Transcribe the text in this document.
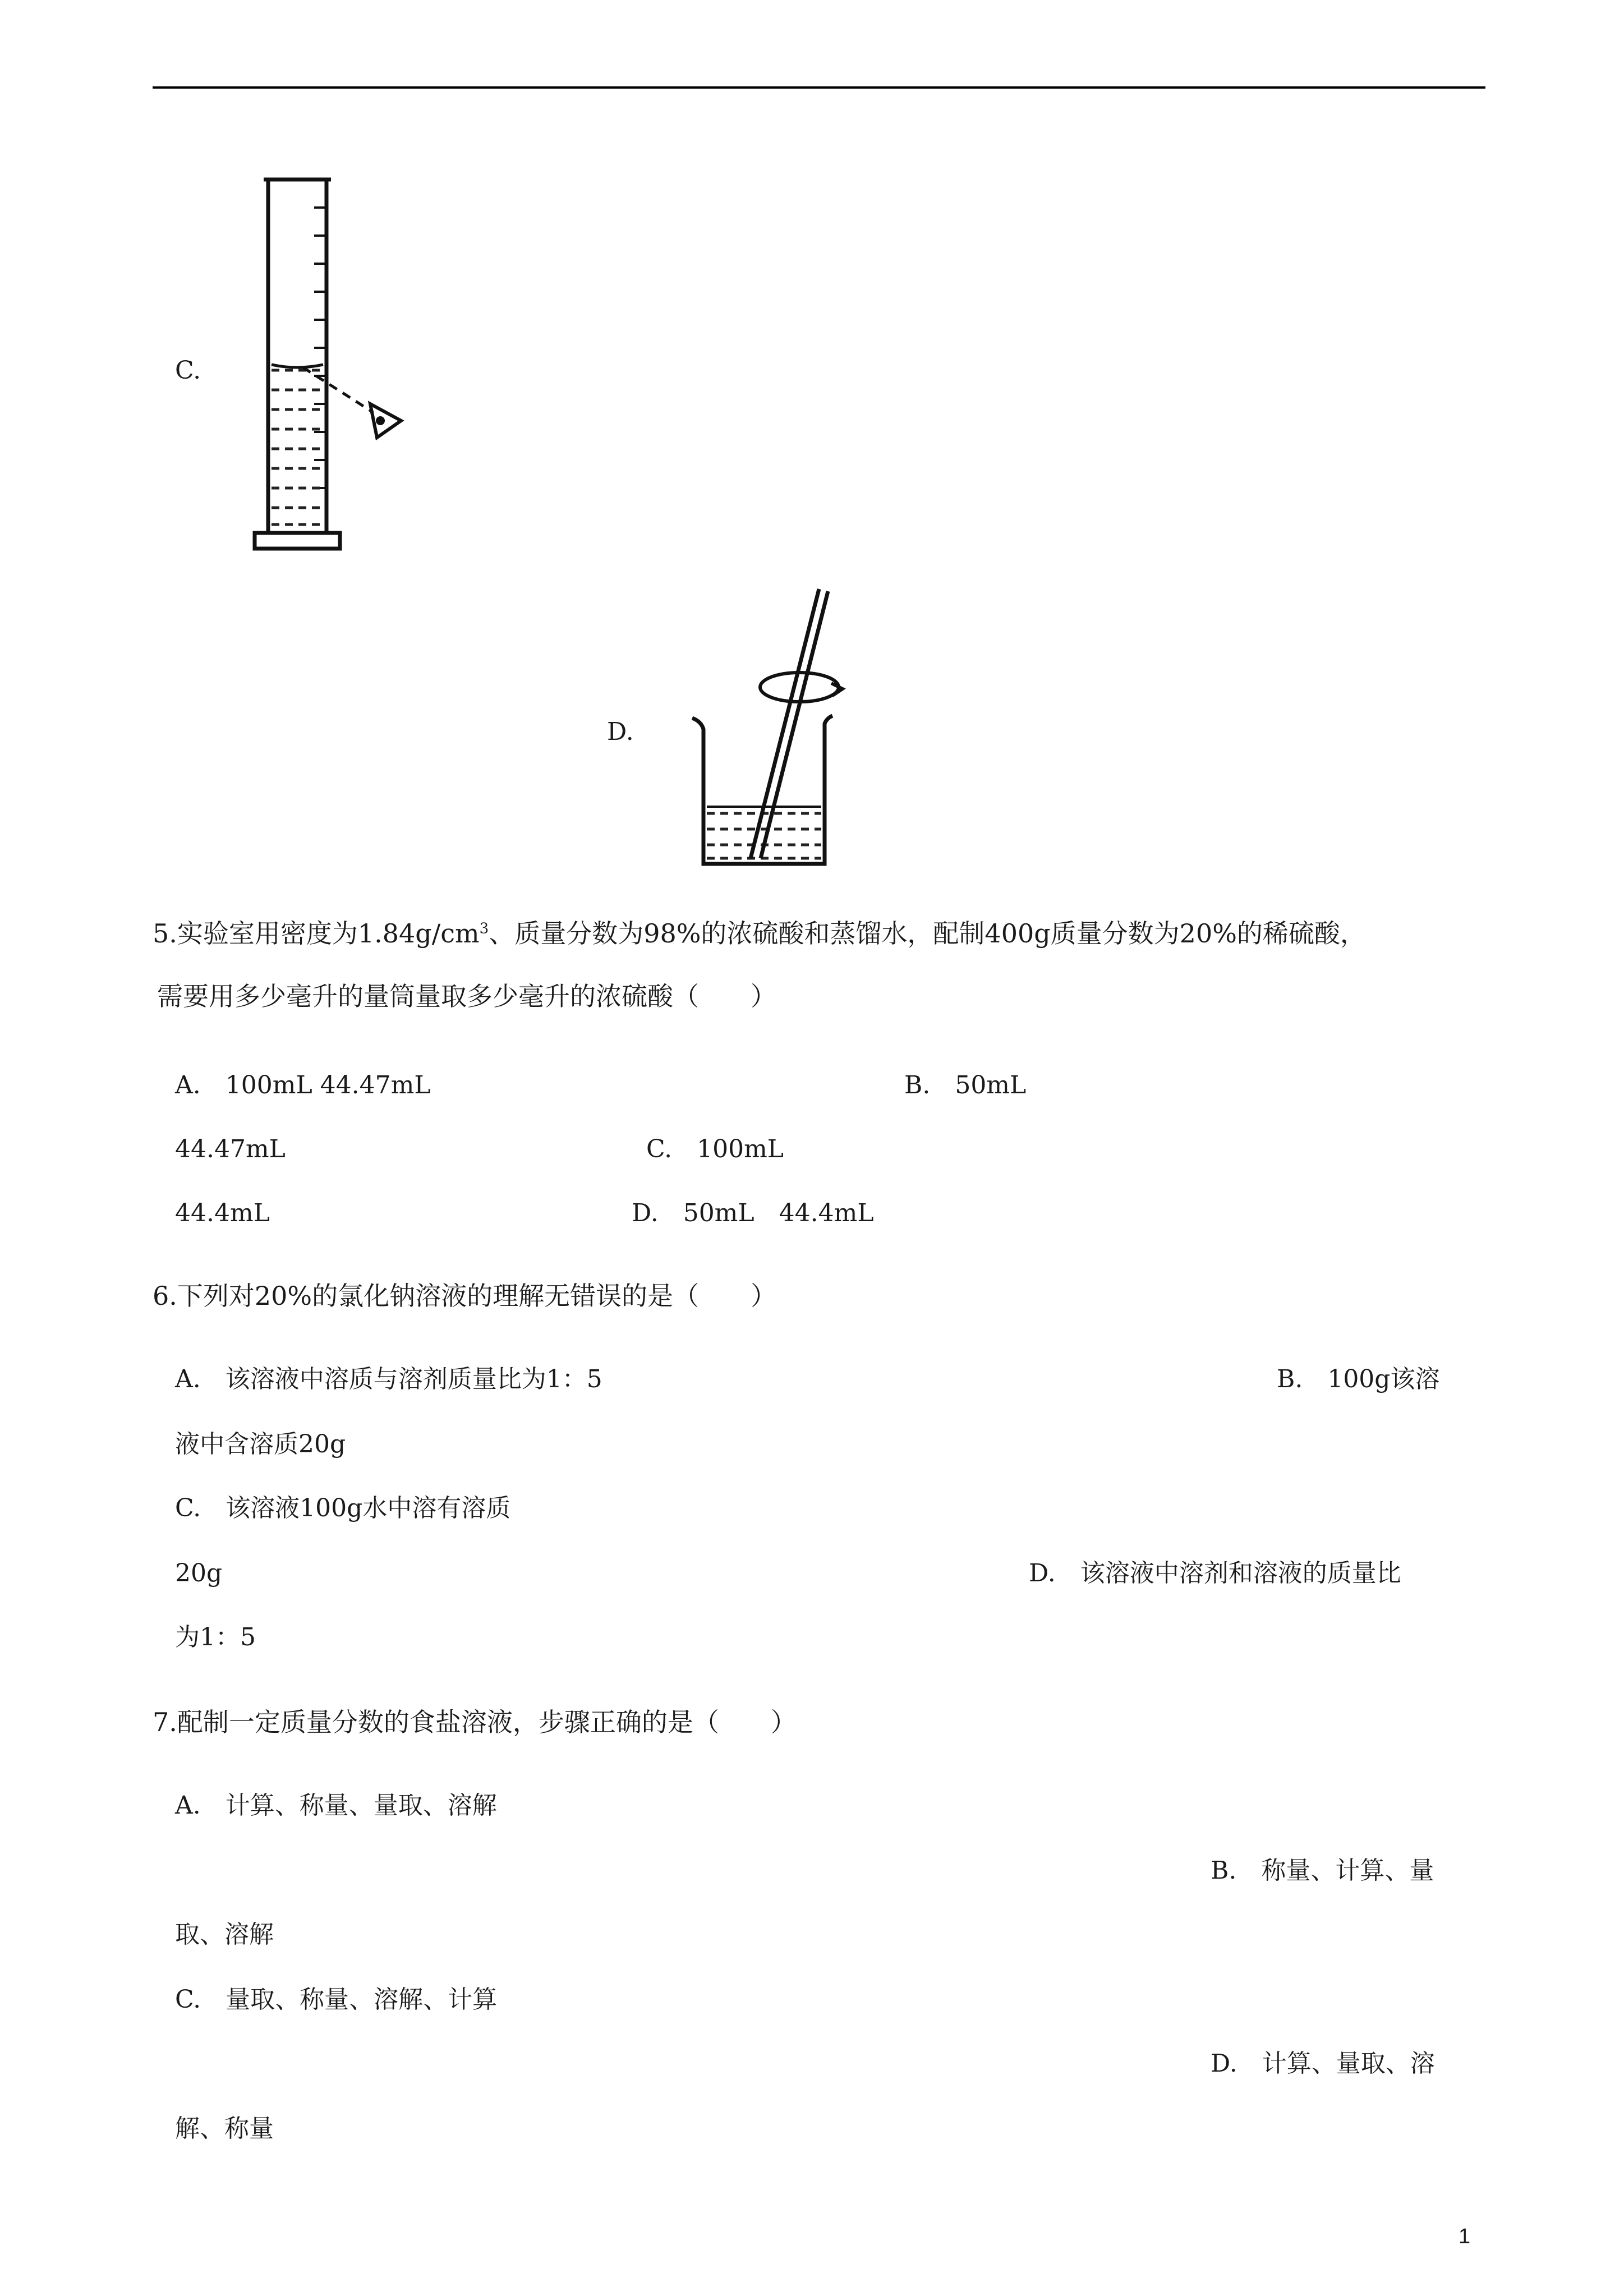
C.
D.
5.实验室用密度为$1.84g/cm^3$、质量分数为98%的浓硫酸和蒸馏水，配制400g质量分数为20%的稀硫酸，
需要用多少毫升的量筒量取多少毫升的浓硫酸（　　）
A.　100mL 44.47mL	B.　50mL
44.47mL	C.　100mL
44.4mL	D.　50mL　44.4mL
6.下列对20%的氯化钠溶液的理解无错误的是（　　）
A.　该溶液中溶质与溶剂质量比为1：5	B.　100g该溶
液中含溶质20g
C.　该溶液100g水中溶有溶质
20g	D.　该溶液中溶剂和溶液的质量比
为1：5
7.配制一定质量分数的食盐溶液，步骤正确的是（　　）
A.　计算、称量、量取、溶解
B.　称量、计算、量
取、溶解
C.　量取、称量、溶解、计算
D.　计算、量取、溶
解、称量
1
